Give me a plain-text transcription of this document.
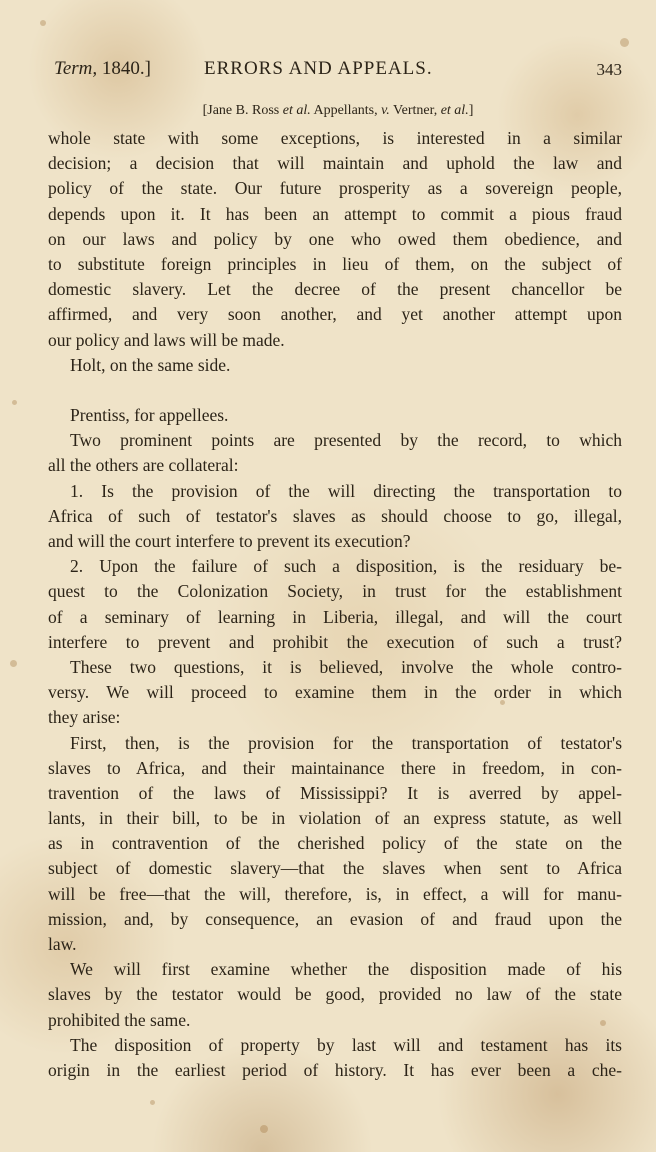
Term, 1840.]	ERRORS AND APPEALS.	343
[Jane B. Ross et al. Appellants, v. Vertner, et al.]
whole state with some exceptions, is interested in a similar
decision; a decision that will maintain and uphold the law and
policy of the state. Our future prosperity as a sovereign people,
depends upon it. It has been an attempt to commit a pious fraud
on our laws and policy by one who owed them obedience, and
to substitute foreign principles in lieu of them, on the subject of
domestic slavery. Let the decree of the present chancellor be
affirmed, and very soon another, and yet another attempt upon
our policy and laws will be made.
Holt, on the same side.
Prentiss, for appellees.
Two prominent points are presented by the record, to which
all the others are collateral:
1. Is the provision of the will directing the transportation to
Africa of such of testator's slaves as should choose to go, illegal,
and will the court interfere to prevent its execution?
2. Upon the failure of such a disposition, is the residuary be-
quest to the Colonization Society, in trust for the establishment
of a seminary of learning in Liberia, illegal, and will the court
interfere to prevent and prohibit the execution of such a trust?
These two questions, it is believed, involve the whole contro-
versy. We will proceed to examine them in the order in which
they arise:
First, then, is the provision for the transportation of testator's
slaves to Africa, and their maintainance there in freedom, in con-
travention of the laws of Mississippi? It is averred by appel-
lants, in their bill, to be in violation of an express statute, as well
as in contravention of the cherished policy of the state on the
subject of domestic slavery—that the slaves when sent to Africa
will be free—that the will, therefore, is, in effect, a will for manu-
mission, and, by consequence, an evasion of and fraud upon the
law.
We will first examine whether the disposition made of his
slaves by the testator would be good, provided no law of the state
prohibited the same.
The disposition of property by last will and testament has its
origin in the earliest period of history. It has ever been a che-
